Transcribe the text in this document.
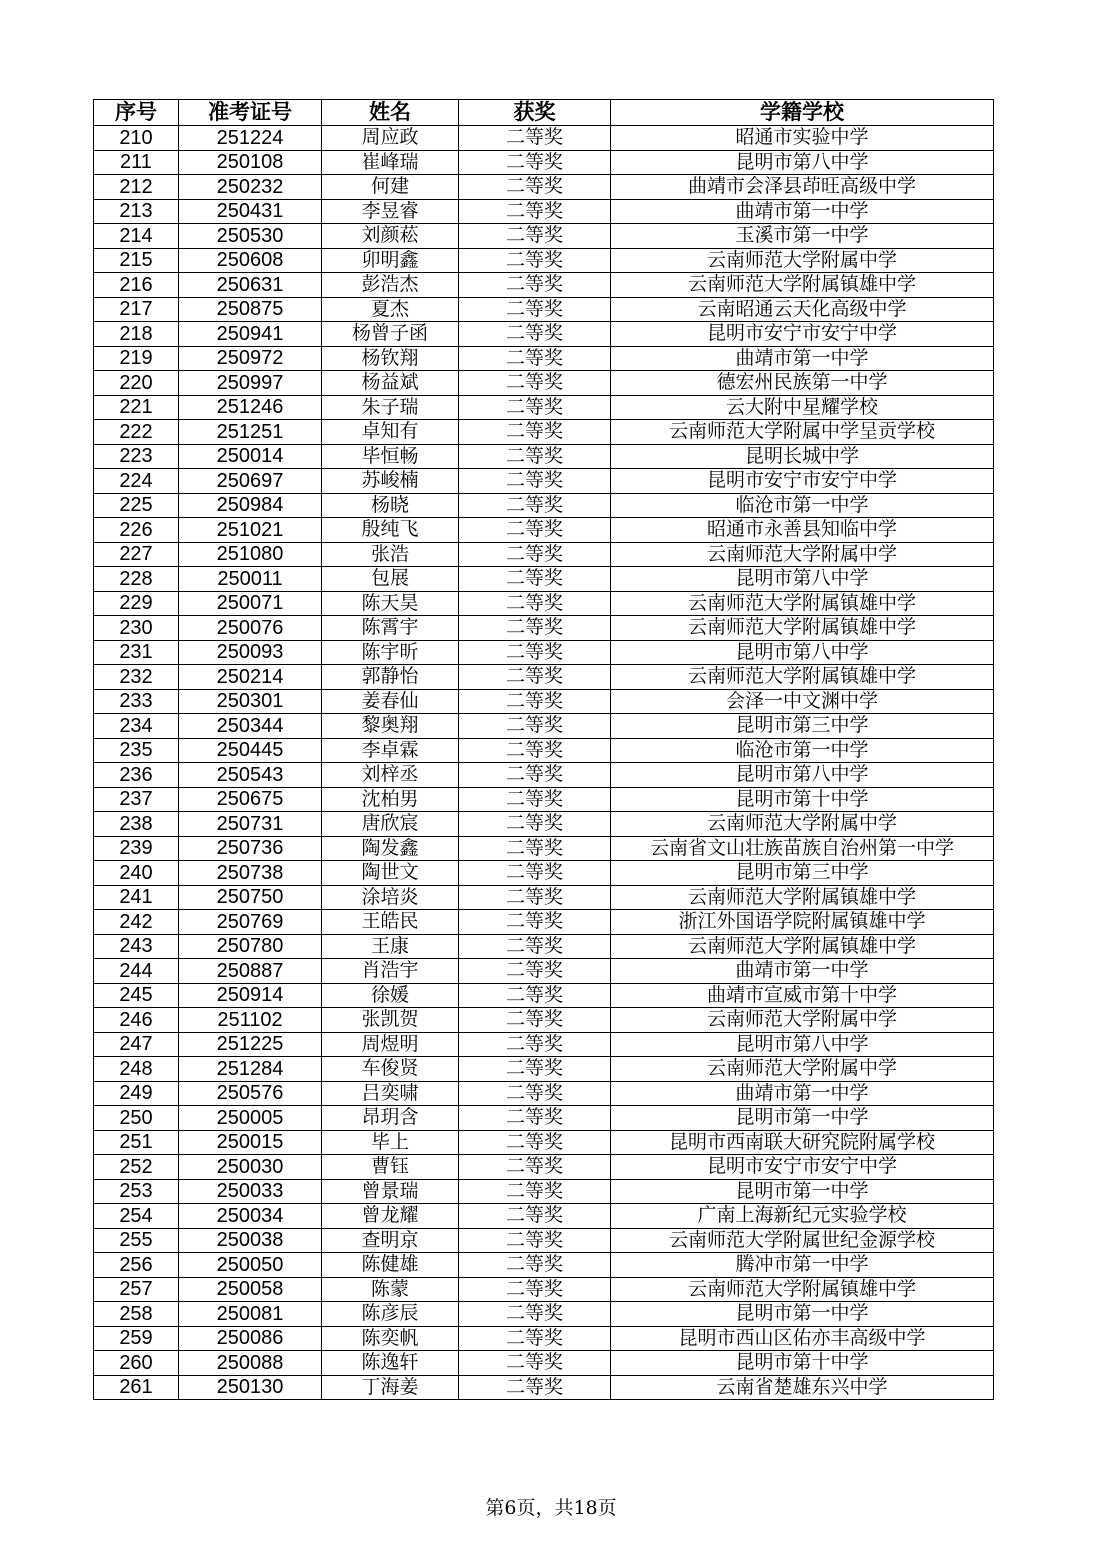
序号	准考证号	姓名	获奖	学籍学校
210	251224	周应政	二等奖	昭通市实验中学
211	250108	崔峰瑞	二等奖	昆明市第八中学
212	250232	何建	二等奖	曲靖市会泽县茚旺高级中学
213	250431	李昱睿	二等奖	曲靖市第一中学
214	250530	刘颜菘	二等奖	玉溪市第一中学
215	250608	卯明鑫	二等奖	云南师范大学附属中学
216	250631	彭浩杰	二等奖	云南师范大学附属镇雄中学
217	250875	夏杰	二等奖	云南昭通云天化高级中学
218	250941	杨曾子函	二等奖	昆明市安宁市安宁中学
219	250972	杨钦翔	二等奖	曲靖市第一中学
220	250997	杨益斌	二等奖	德宏州民族第一中学
221	251246	朱子瑞	二等奖	云大附中星耀学校
222	251251	卓知有	二等奖	云南师范大学附属中学呈贡学校
223	250014	毕恒畅	二等奖	昆明长城中学
224	250697	苏峻楠	二等奖	昆明市安宁市安宁中学
225	250984	杨晓	二等奖	临沧市第一中学
226	251021	殷纯飞	二等奖	昭通市永善县知临中学
227	251080	张浩	二等奖	云南师范大学附属中学
228	250011	包展	二等奖	昆明市第八中学
229	250071	陈天昊	二等奖	云南师范大学附属镇雄中学
230	250076	陈霄宇	二等奖	云南师范大学附属镇雄中学
231	250093	陈宇昕	二等奖	昆明市第八中学
232	250214	郭静怡	二等奖	云南师范大学附属镇雄中学
233	250301	姜春仙	二等奖	会泽一中文渊中学
234	250344	黎奥翔	二等奖	昆明市第三中学
235	250445	李卓霖	二等奖	临沧市第一中学
236	250543	刘梓丞	二等奖	昆明市第八中学
237	250675	沈柏男	二等奖	昆明市第十中学
238	250731	唐欣宸	二等奖	云南师范大学附属中学
239	250736	陶发鑫	二等奖	云南省文山壮族苗族自治州第一中学
240	250738	陶世文	二等奖	昆明市第三中学
241	250750	涂培炎	二等奖	云南师范大学附属镇雄中学
242	250769	王皓民	二等奖	浙江外国语学院附属镇雄中学
243	250780	王康	二等奖	云南师范大学附属镇雄中学
244	250887	肖浩宇	二等奖	曲靖市第一中学
245	250914	徐媛	二等奖	曲靖市宣威市第十中学
246	251102	张凯贺	二等奖	云南师范大学附属中学
247	251225	周煜明	二等奖	昆明市第八中学
248	251284	车俊贤	二等奖	云南师范大学附属中学
249	250576	吕奕啸	二等奖	曲靖市第一中学
250	250005	昂玥含	二等奖	昆明市第一中学
251	250015	毕上	二等奖	昆明市西南联大研究院附属学校
252	250030	曹钰	二等奖	昆明市安宁市安宁中学
253	250033	曾景瑞	二等奖	昆明市第一中学
254	250034	曾龙耀	二等奖	广南上海新纪元实验学校
255	250038	查明京	二等奖	云南师范大学附属世纪金源学校
256	250050	陈健雄	二等奖	腾冲市第一中学
257	250058	陈蒙	二等奖	云南师范大学附属镇雄中学
258	250081	陈彦辰	二等奖	昆明市第一中学
259	250086	陈奕帆	二等奖	昆明市西山区佑亦丰高级中学
260	250088	陈逸轩	二等奖	昆明市第十中学
261	250130	丁海姜	二等奖	云南省楚雄东兴中学
第6页，共18页
